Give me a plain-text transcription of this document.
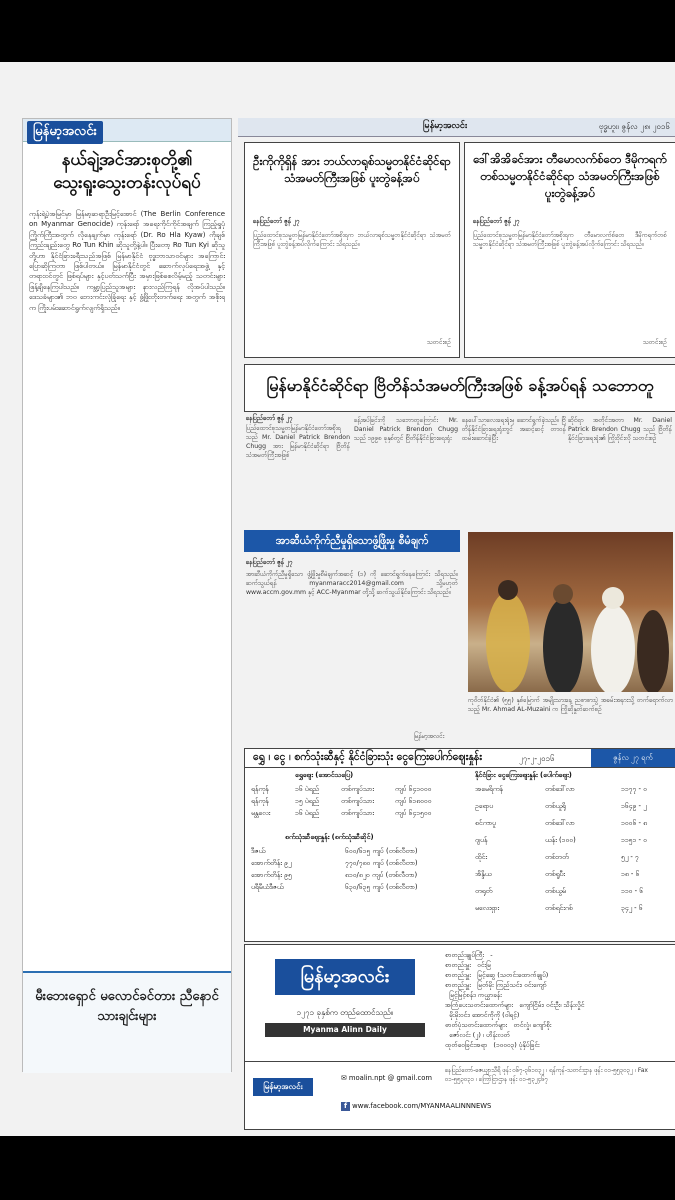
မြန်မာ့အလင်း
နယ်ချဲ့အင်အားစုတို့၏ သွေးရူးသွေးတန်းလုပ်ရပ်
ကုန်းရဲ့ပဲ့အမြင်မှာ မြန်မာ့ဆရာဦးမြင့်အောင် (The Berlin Conference on Myanmar Genocide) ကုန်းရော် အရေးကိုင်ကိုင်အချက် ကြည့်ရှုပုံ ကြိုက်ကြီးအတွက် လိုနေချက်မှာ ကုန်းရော် (Dr. Ro Hla Kyaw) ကိုချစ်ကြည်းချည်းတွေ Ro Tun Khin ဆိုသူတို့နဲ့ပါ။ ပြီးတော့ Ro Tun Kyi ဆိုသူတို့ဟာ နိုင်ငံခြားခရီးသည်အဖြစ် မြန်မာနိုင်ငံ ဗုဒ္ဓဘာသာဝင်များ အကြောင်း ပြောဆိုကြတာ ဖြစ်ပါတယ်။ မြန်မာနိုင်ငံတွင် ဆောက်လုပ်ရေးအဖွဲ့ နှင့် တရားဝင်တွင် ဖြစ်ရပ်များ နှင့်ပတ်သက်ပြီး အမှားဖြစ်စေလိမ့်မည့် သတင်းများ ဖြန့်ချိနေကြပါသည်။ ကမ္ဘာ့ပြည်သူအများ နားလည်ကြရန် လိုအပ်ပါသည်။ ဒေသခံများ၏ ဘဝ ဘေးကင်းလုံခြုံရေး နှင့် ဖွံ့ဖြိုးတိုးတက်ရေး အတွက် အစိုးရက ကြိုးပမ်းဆောင်ရွက်လျက်ရှိသည်။
မီးဘေးရှောင် မလောင်ခင်တား ညီနောင်သားချင်းများ
မြန်မာ့အလင်း	ဗုဒ္ဓဟူး၊ ဇွန်လ ၂၈၊ ၂၀၁၆
ဦးကိုကိုရှိန် အား ဘယ်လာရုစ်သမ္မတနိုင်ငံဆိုင်ရာ သံအမတ်ကြီးအဖြစ် ပူးတွဲခန့်အပ်
နေပြည်တော် ဇွန် ၂၇
ပြည်ထောင်စုသမ္မတမြန်မာနိုင်ငံတော်အစိုးရက ဘယ်လာရုစ်သမ္မတနိုင်ငံဆိုင်ရာ သံအမတ်ကြီးအဖြစ် ပူးတွဲခန့်အပ်လိုက်ကြောင်း သိရသည်။
သတင်းစဉ်
ဒေါ်အိအိခင်အား တီမောလက်စ်တေ ဒီမိုကရက်တစ်သမ္မတနိုင်ငံဆိုင်ရာ သံအမတ်ကြီးအဖြစ် ပူးတွဲခန့်အပ်
နေပြည်တော် ဇွန် ၂၇
ပြည်ထောင်စုသမ္မတမြန်မာနိုင်ငံတော်အစိုးရက တီမောလက်စ်တေ ဒီမိုကရက်တစ်သမ္မတနိုင်ငံဆိုင်ရာ သံအမတ်ကြီးအဖြစ် ပူးတွဲခန့်အပ်လိုက်ကြောင်း သိရသည်။
သတင်းစဉ်
မြန်မာနိုင်ငံဆိုင်ရာ ဗြိတိန်သံအမတ်ကြီးအဖြစ် ခန့်အပ်ရန် သဘောတူ
နေပြည်တော် ဇွန် ၂၇
ပြည်ထောင်စုသမ္မတမြန်မာနိုင်ငံတော်အစိုးရသည် Mr. Daniel Patrick Brendon Chugg အား မြန်မာနိုင်ငံဆိုင်ရာ ဗြိတိန်သံအမတ်ကြီးအဖြစ်
ခန့်အပ်ခြင်းကို သဘောတူကြောင်း Mr. Daniel Patrick Brendon Chugg သည် ၁၉၉၈ ခုနှစ်တွင် ဗြိတိန်နိုင်ငံခြားရေးရုံး
နေပေါ်သာလေးရေးရုံးမှ ဆောင်ရွက်ခဲ့သည်။ ဗြိတိန်နိုင်ငံခြားရေးရုံးတွင် အဆင့်ဆင့် တာဝန်ထမ်းဆောင်ခဲ့ပြီး
ဆိုင်ရာ အတိုင်းအတာ Mr. Daniel Patrick Brendon Chugg သည် ဗြိတိန်နိုင်ငံခြားရေးရုံး၏ ကြိုးဝိုင်းလို သတင်းစဉ်
အာဆီယံကိုက်ညီမှုရှိသောဖွံ့ဖြိုးမှု စီမံချက်
နေပြည်တော် ဇွန် ၂၇
အာဆီယံကိုက်ညီမှုရှိသော ဖွံ့ဖြိုးမှုစီမံချက်အဆင့် (၁) ကို ဆောင်ရွက်နေကြောင်း သိရသည်။ ဆက်သွယ်ရန် myanmaracc2014@gmail.com သို့မဟုတ် www.accm.gov.mm နှင့် ACC-Myanmar တို့သို့ ဆက်သွယ်နိုင်ကြောင်း သိရသည်။
မြန်မာ့အလင်း
ကုဝိတ်နိုင်ငံ၏ (၅၅) နှစ်မြောက် အမျိုးသားနေ့ ညစာစားပွဲ အခမ်းအနားသို့ တက်ရောက်လာသည့် Mr. Ahmad AL-Muzaini က ကြိုဆိုနှုတ်ဆက်စဉ်
ရွှေ ၊ ငွေ ၊ စက်သုံးဆီနှင့် နိုင်ငံခြားသုံး ငွေကြေးပေါက်ဈေးနှုန်း	၂၇-၂-၂၀၁၆	ဇွန်လ ၂၇ ရက်
ရွှေဈေး (အောင်သပြေ)	နိုင်ငံခြား ငွေကြေးဈေးနှုန်း (ပေါက်ဈေး)
ရန်ကုန်	၁၆ ပဲရည်	တစ်ကျပ်သား	ကျပ် ၆၄၁၀၀၀
ရန်ကုန်	၁၅ ပဲရည်	တစ်ကျပ်သား	ကျပ် ၆၁၈၀၀၀
မန္တလေး	၁၆ ပဲရည်	တစ်ကျပ်သား	ကျပ် ၆၄၁၅၀၀
စက်သုံးဆီဈေးနှုန်း (စက်သုံးဆီဆိုင်)
ဒီဇယ်	၆၀၀/၆၁၅ ကျပ် (တစ်လီတာ)
အောက်တိန်း ၉၂	၇၇၀/၇၈၀ ကျပ် (တစ်လီတာ)
အောက်တိန်း ၉၅	၈၁၀/၈၂၀ ကျပ် (တစ်လီတာ)
ပရီမီယံဒီဇယ်	၆၃၀/၆၃၅ ကျပ် (တစ်လီတာ)
အမေရိကန်	တစ်ဒေါ်လာ	၁၁၇၇ - ၀
ဥရောပ	တစ်ယူရို	၁၆၄၉ - ၂
စင်ကာပူ	တစ်ဒေါ်လာ	၁၀၀၆ - ၈
ဂျပန်	ယန်း (၁၀၀)	၁၁၅၁ - ၀
ထိုင်း	တစ်ဘတ်	၅၂ - ၇
အိန္ဒိယ	တစ်ရူပီး	၁၈ - ၆
တရုတ်	တစ်ယွမ်	၁၁၀ - ၆
မလေးရှား	တစ်ရင်းဂစ်	၃၄၂ - ၆
မြန်မာ့အလင်း
၁၂၇၁ ခုနှစ်က တည်ထောင်သည်။
Myanma Alinn Daily
စာတည်းချုပ်ကြီး -
စာတည်းမှူး ဝင်းမြ
စာတည်းမှူး မြင့်ဆွေ (သတင်းထောက်ချုပ်)
စာတည်းမှူး မြတ်မိုး ကြည်သင်း၊ ဝင်းကျော်
မြင့်မြင့်စန်း၊ ကယ္ယာခန်း
အကြံပေးသတင်းထောက်များ ကျော်ငြိမ်း၊ ဝင်းဦး၊ သိန်းလှိုင်
မိုးမိုးဝင်း၊ အောင်ကိုကို (ဝါရင့်)
ဓာတ်ပုံသတင်းထောက်များ တင်လှုံ၊ ကျော်စိုး
ဇော်လင်း (၂) ၊ ဟိန်းလတ်
ထုတ်ဝေခြင်းအရာ (၁၀၀၀၃) ပုံနှိပ်ခြင်း
မြန်မာ့အလင်း
✉ moalin.npt @ gmail.com
f www.facebook.com/MYANMAALINNNEWS
နေပြည်တော်-ဇေယျာသီရိ ဖုန်း ၀၆၇-၃၆၁၀၃၂ ၊ ရန်ကုန်-သတင်းဌာန ဖုန်း ၀၁-၅၅၃၀၃၂ ၊ Fax ၀၁-၅၅၃၀၃၁ ၊ ကြော်ငြာဌာန ဖုန်း ၀၁-၅၃၂၄၆၇
